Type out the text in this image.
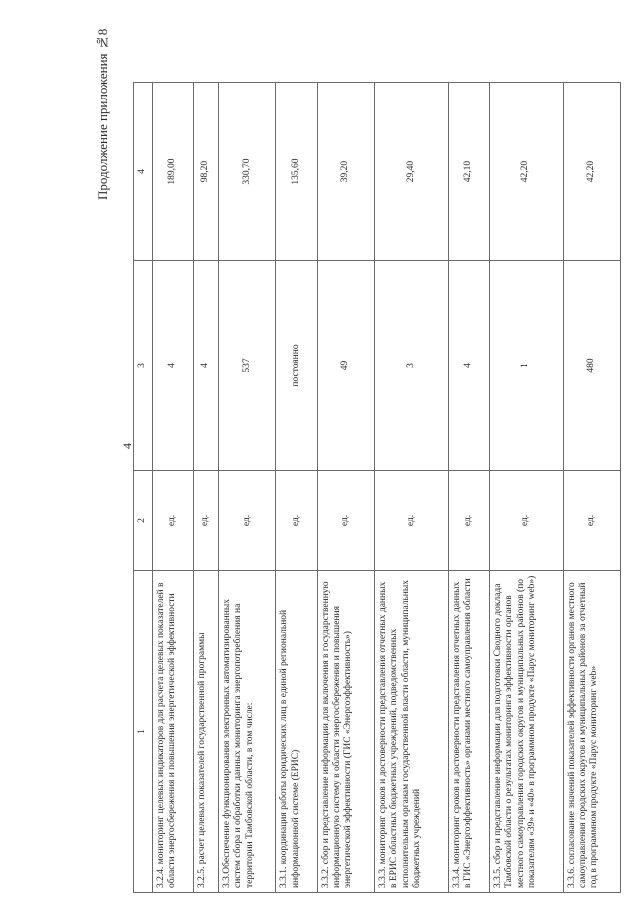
Продолжение приложения №8
4
1	2	3	4
3.2.4. мониторинг целевых индикаторов для расчета целевых показателей в области энергосбережения и повышения энергетической эффективности	ед.	4	189,00
3.2.5. расчет целевых показателей государственной программы	ед.	4	98,20
3.3.Обеспечение функционирования электронных автоматизированных систем сбора и обработки данных мониторинга энергопотребления на территории Тамбовской области, в том числе:	ед.	537	330,70
3.3.1. координация работы юридических лиц в единой региональной информационной системе (ЕРИС)	ед.	постоянно	135,60
3.3.2. сбор и представление информации для включения в государственную информационную систему в области энергосбережения и повышения энергетической эффективности (ГИС «Энергоэффективность»)	ед.	49	39,20
3.3.3. мониторинг сроков и достоверности представления отчетных данных в ЕРИС областных бюджетных учреждений, подведомственных исполнительным органам государственной власти области, муниципальных бюджетных учреждений	ед.	3	29,40
3.3.4. мониторинг сроков и достоверности представления отчетных данных в ГИС «Энергоэффективность» органами местного самоуправления области	ед.	4	42,10
3.3.5. сбор и представление информации для подготовки Сводного доклада Тамбовской области о результатах мониторинга эффективности органов местного самоуправления городских округов и муниципальных районов (по показателям «39» и «40» в программном продукте «Парус мониторинг web»)	ед.	1	42,20
3.3.6. согласование значений показателей эффективности органов местного самоуправления городских округов и муниципальных районов за отчетный год в программном продукте «Парус мониторинг web»	ед.	480	42,20
